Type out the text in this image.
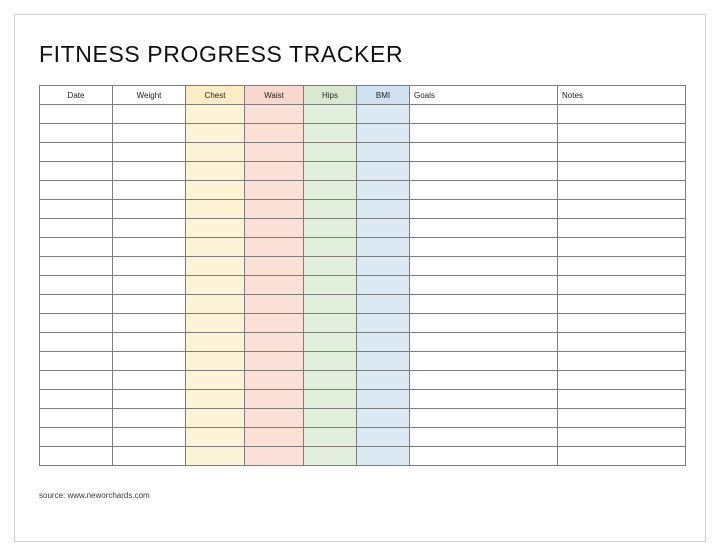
FITNESS PROGRESS TRACKER
Date	Weight	Chest	Waist	Hips	BMI	Goals	Notes

source: www.neworchards.com
